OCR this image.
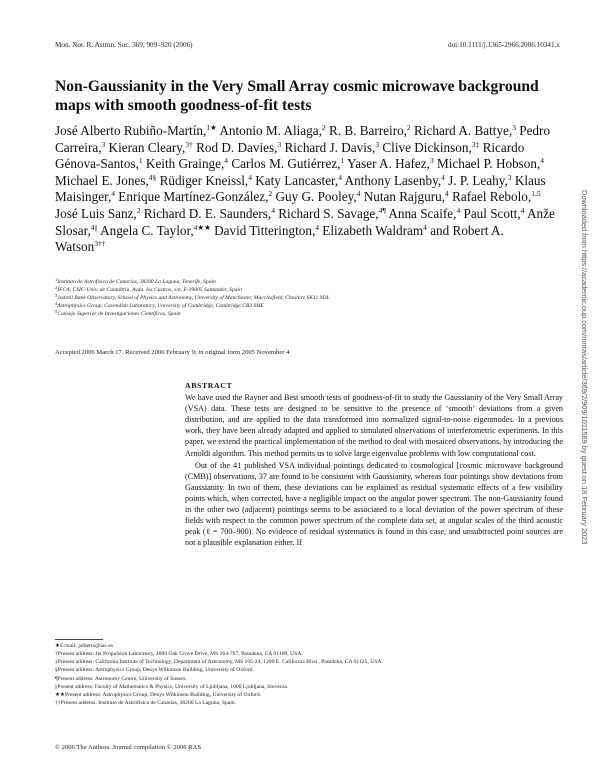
Mon. Not. R. Astron. Soc. 369, 909–920 (2006)	doi:10.1111/j.1365-2966.2006.10341.x
Non-Gaussianity in the Very Small Array cosmic microwave background maps with smooth goodness-of-fit tests
José Alberto Rubiño-Martín,$^{1★}$ Antonio M. Aliaga,$^2$ R. B. Barreiro,$^2$ Richard A. Battye,$^3$ Pedro Carreira,$^3$ Kieran Cleary,$^{3\dagger}$ Rod D. Davies,$^3$ Richard J. Davis,$^3$ Clive Dickinson,$^{3\ddagger}$ Ricardo Génova-Santos,$^1$ Keith Grainge,$^4$ Carlos M. Gutiérrez,$^1$ Yaser A. Hafez,$^3$ Michael P. Hobson,$^4$ Michael E. Jones,$^{4\S}$ Rüdiger Kneissl,$^4$ Katy Lancaster,$^4$ Anthony Lasenby,$^4$ J. P. Leahy,$^3$ Klaus Maisinger,$^4$ Enrique Martínez-González,$^2$ Guy G. Pooley,$^4$ Nutan Rajguru,$^4$ Rafael Rebolo,$^{1,5}$ José Luis Sanz,$^2$ Richard D. E. Saunders,$^4$ Richard S. Savage,$^{4\P}$ Anna Scaife,$^4$ Paul Scott,$^4$ Anže Slosar,$^{4||}$ Angela C. Taylor,$^{4★★}$ David Titterington,$^4$ Elizabeth Waldram$^4$ and Robert A. Watson$^{3\dagger\dagger}$
$^1$Instituto de Astrofísica de Canarias, 38200 La Laguna, Tenerife, Spain
$^2$IFCA, CSIC-Univ. de Cantabria, Avda. los Castros, s/n, E-39005 Santander, Spain
$^3$Jodrell Bank Observatory, School of Physics and Astronomy, University of Manchester, Macclesfield, Cheshire SK11 9DL
$^4$Astrophysics Group, Cavendish Laboratory, University of Cambridge, Cambridge CB3 0HE
$^5$Consejo Superior de Investigaciones Científicas, Spain
Accepted 2006 March 17. Received 2006 February 9; in original form 2005 November 4
ABSTRACT

We have used the Rayner and Best smooth tests of goodness-of-fit to study the Gaussianity of the Very Small Array (VSA) data. These tests are designed to be sensitive to the presence of ‘smooth’ deviations from a given distribution, and are applied to the data transformed into normalized signal-to-noise eigenmodes. In a previous work, they have been already adapted and applied to simulated observations of interferometric experiments. In this paper, we extend the practical implementation of the method to deal with mosaiced observations, by introducing the Arnoldi algorithm. This method permits us to solve large eigenvalue problems with low computational cost.

Out of the 41 published VSA individual pointings dedicated to cosmological [cosmic microwave background (CMB)] observations, 37 are found to be consistent with Gaussianity, whereas four pointings show deviations from Gaussianity. In two of them, these deviations can be explained as residual systematic effects of a few visibility points which, when corrected, have a negligible impact on the angular power spectrum. The non-Gaussianity found in the other two (adjacent) pointings seems to be associated to a local deviation of the power spectrum of these fields with respect to the common power spectrum of the complete data set, at angular scales of the third acoustic peak (ℓ = 700–900). No evidence of residual systematics is found in this case, and unsubtracted point sources are not a plausible explanation either. If

★E-mail: jalberto@iac.es
†Present address: Jet Propulsion Laboratory, 4800 Oak Grove Drive, MS 264-767, Pasadena, CA 91109, USA.
‡Present address: California Institute of Technology, Department of Astronomy, MS 105-24, 1200 E. California Blvd., Pasadena, CA 91125, USA.
§Present address: Astrophysics Group, Denys Wilkinson Building, University of Oxford.
¶Present address: Astronomy Centre, University of Sussex.
||Present address: Faculty of Mathematics & Physics, University of Ljubljana, 1000 Ljubljana, Slovenia.
★★Present address: Astrophysics Group, Denys Wilkinson Building, University of Oxford.
††Present address: Instituto de Astrofísica de Canarias, 38200 La Laguna, Spain.
© 2006 The Authors. Journal compilation © 2006 RAS
Downloaded from https://academic.oup.com/mnras/article/369/2/909/1011589 by guest on 18 February 2023
